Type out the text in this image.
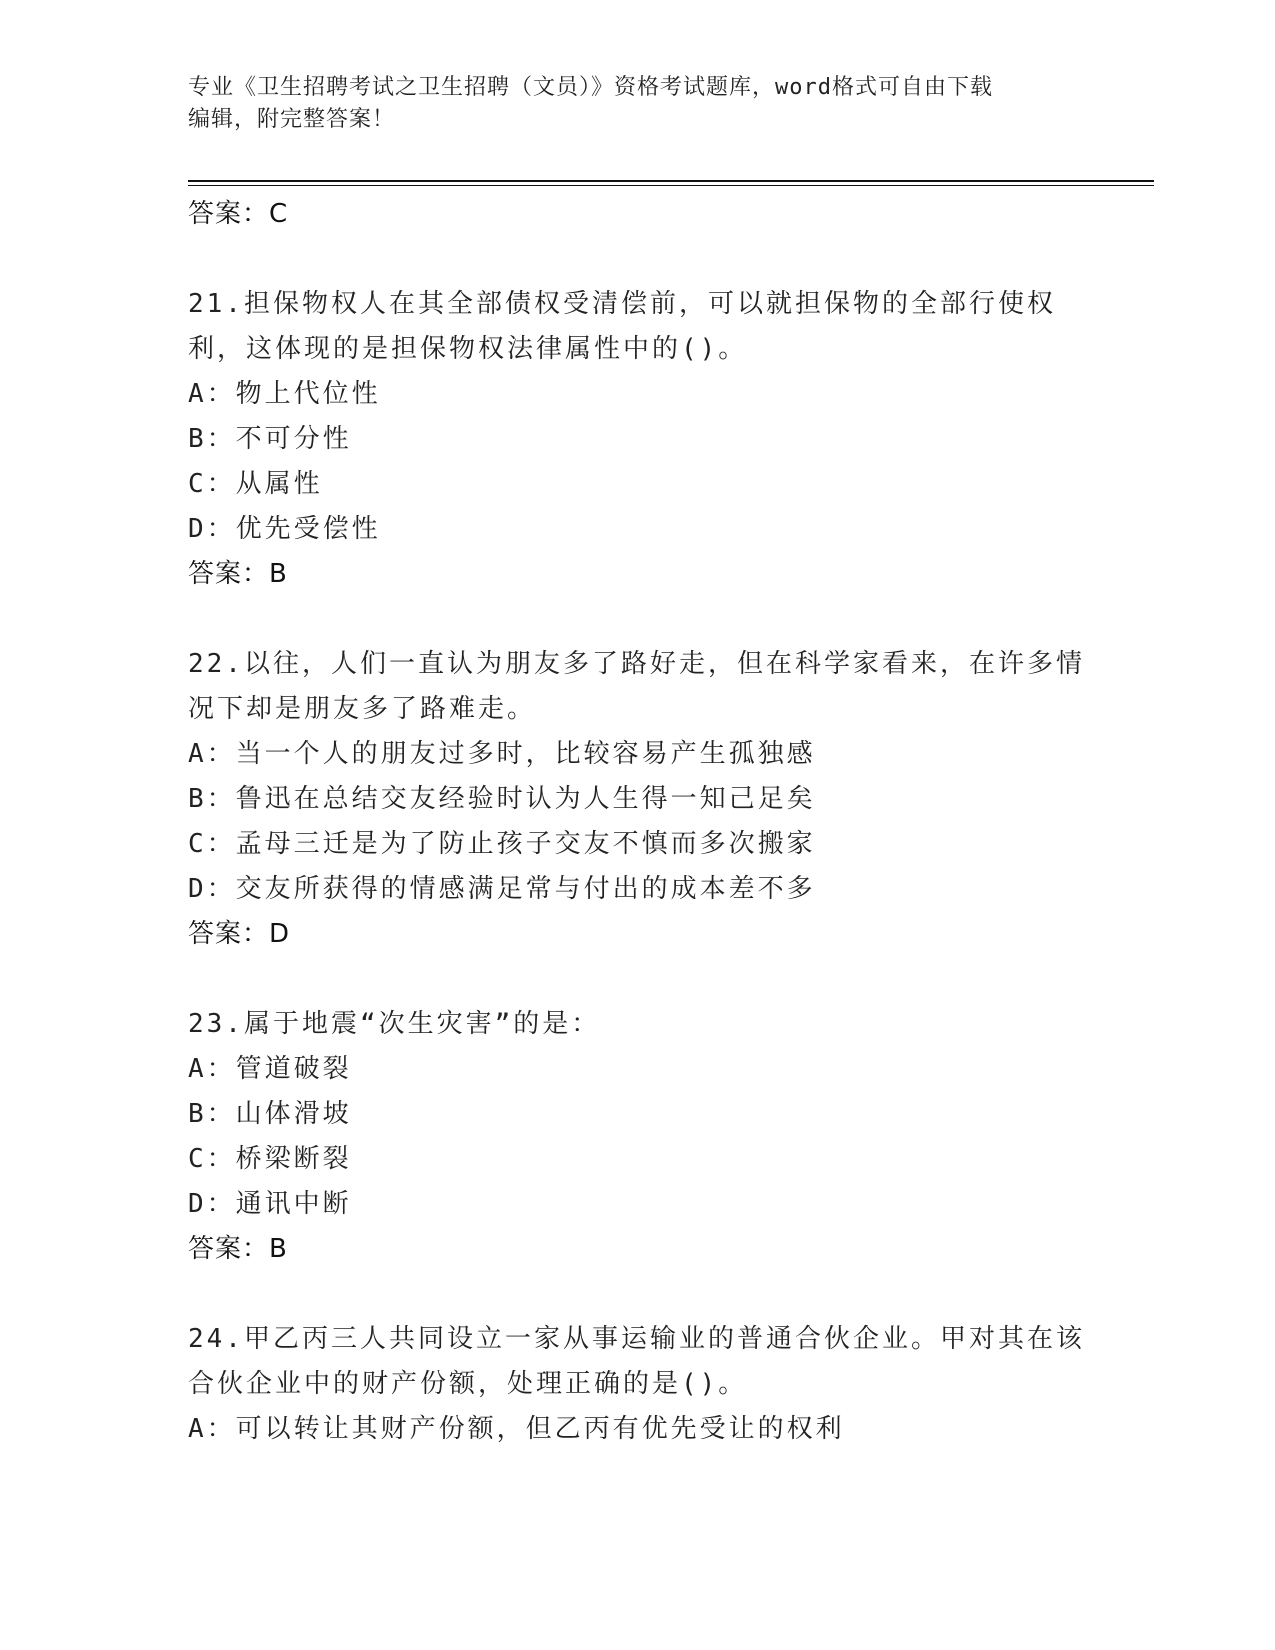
专业《卫生招聘考试之卫生招聘（文员）》资格考试题库，word格式可自由下载
编辑，附完整答案！
答案：C
21.担保物权人在其全部债权受清偿前，可以就担保物的全部行使权利，这体现的是担保物权法律属性中的()。
A：物上代位性
B：不可分性
C：从属性
D：优先受偿性
答案：B
22.以往，人们一直认为朋友多了路好走，但在科学家看来，在许多情况下却是朋友多了路难走。
A：当一个人的朋友过多时，比较容易产生孤独感
B：鲁迅在总结交友经验时认为人生得一知己足矣
C：孟母三迁是为了防止孩子交友不慎而多次搬家
D：交友所获得的情感满足常与付出的成本差不多
答案：D
23.属于地震“次生灾害”的是：
A：管道破裂
B：山体滑坡
C：桥梁断裂
D：通讯中断
答案：B
24.甲乙丙三人共同设立一家从事运输业的普通合伙企业。甲对其在该合伙企业中的财产份额，处理正确的是()。
A：可以转让其财产份额，但乙丙有优先受让的权利
